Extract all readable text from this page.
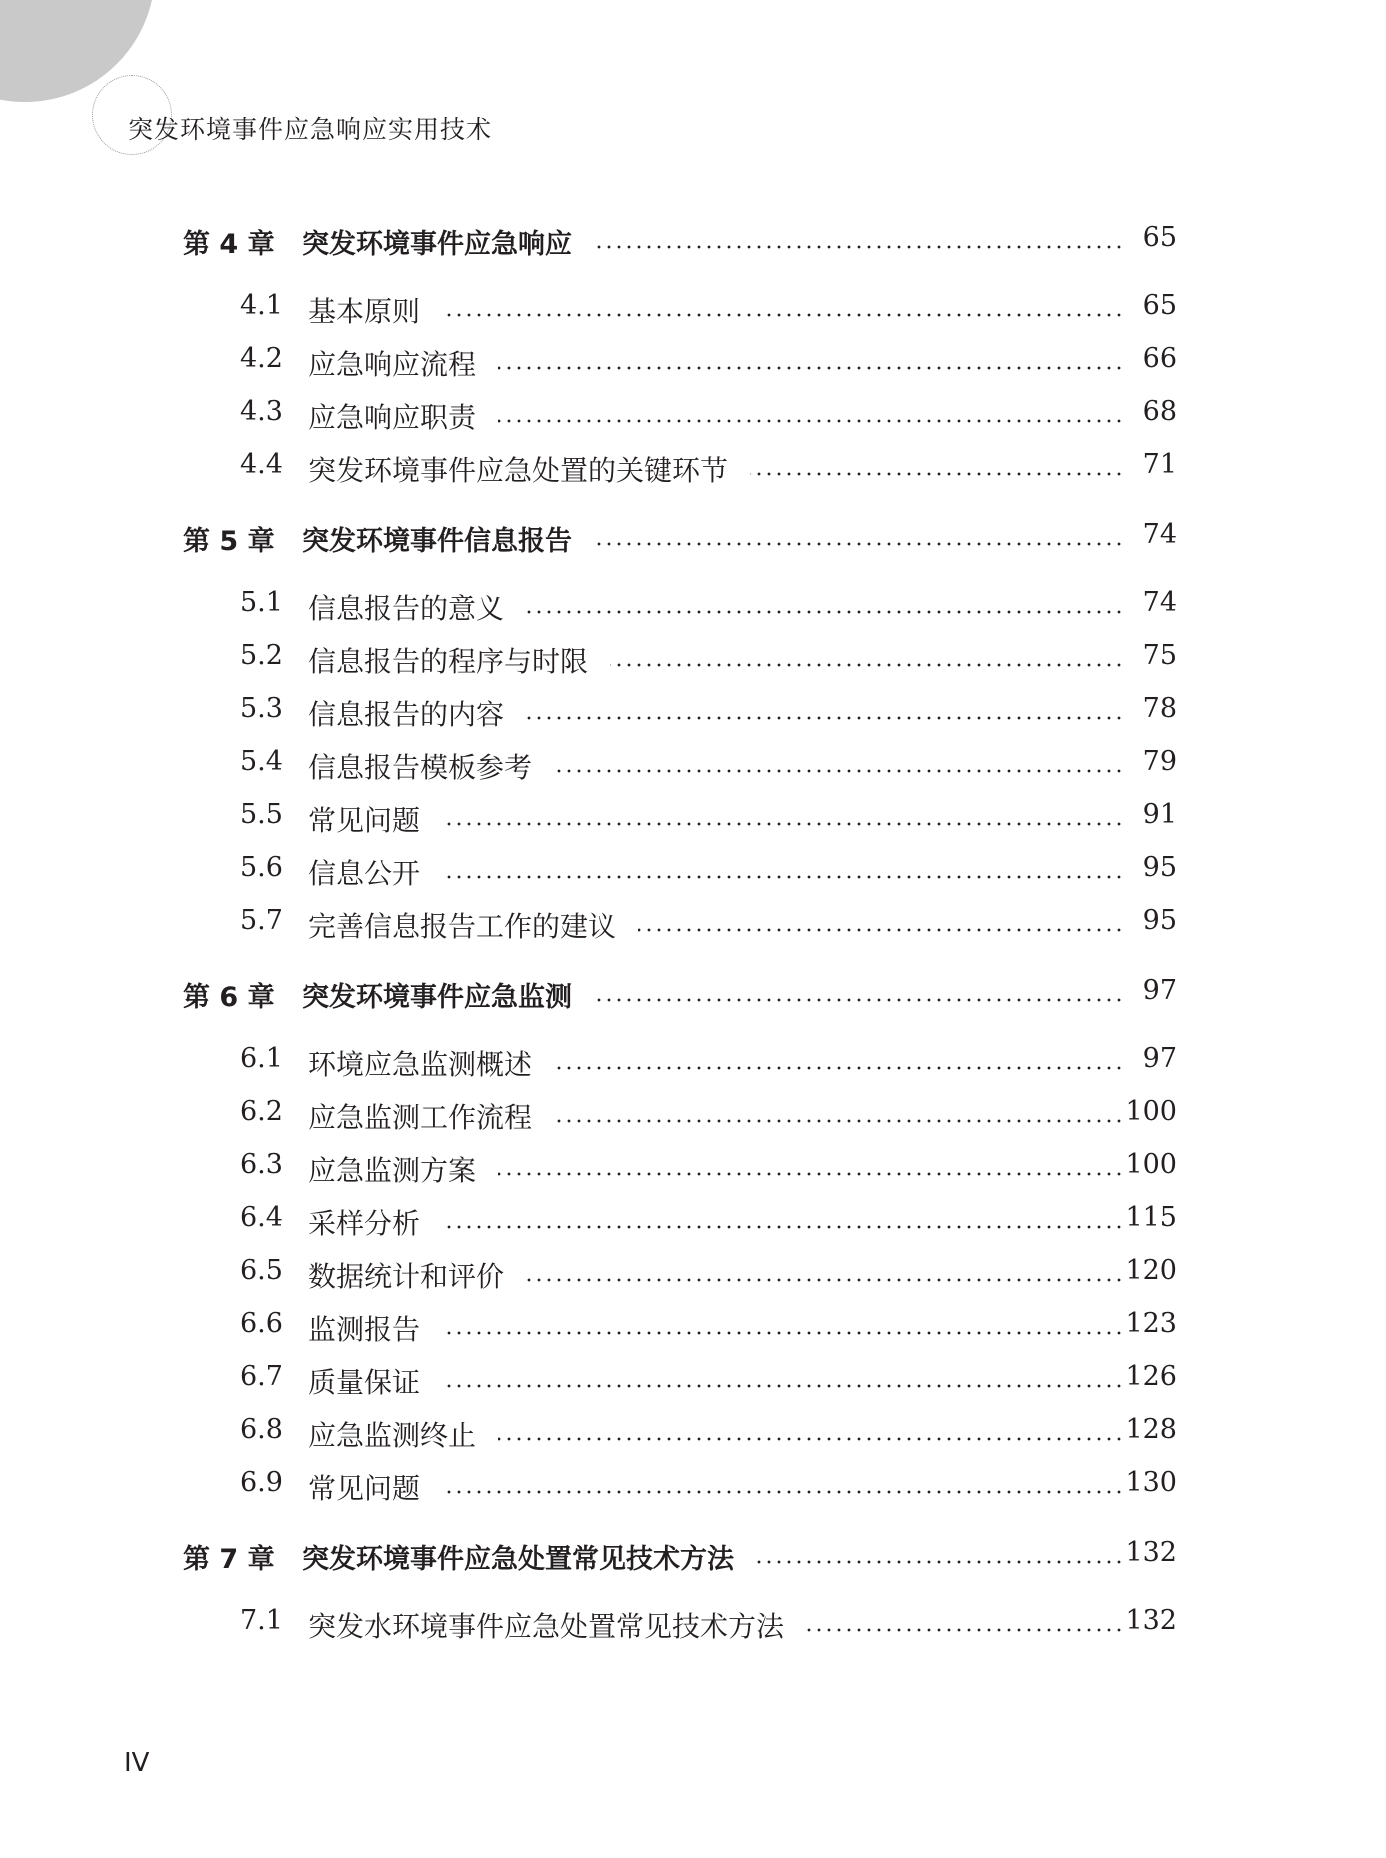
突发环境事件应急响应实用技术
第 4 章 突发环境事件应急响应	65
4.1 基本原则	65
4.2 应急响应流程	66
4.3 应急响应职责	68
4.4 突发环境事件应急处置的关键环节	71
第 5 章 突发环境事件信息报告	74
5.1 信息报告的意义	74
5.2 信息报告的程序与时限	75
5.3 信息报告的内容	78
5.4 信息报告模板参考	79
5.5 常见问题	91
5.6 信息公开	95
5.7 完善信息报告工作的建议	95
第 6 章 突发环境事件应急监测	97
6.1 环境应急监测概述	97
6.2 应急监测工作流程	100
6.3 应急监测方案	100
6.4 采样分析	115
6.5 数据统计和评价	120
6.6 监测报告	123
6.7 质量保证	126
6.8 应急监测终止	128
6.9 常见问题	130
第 7 章 突发环境事件应急处置常见技术方法	132
7.1 突发水环境事件应急处置常见技术方法	132
IV
